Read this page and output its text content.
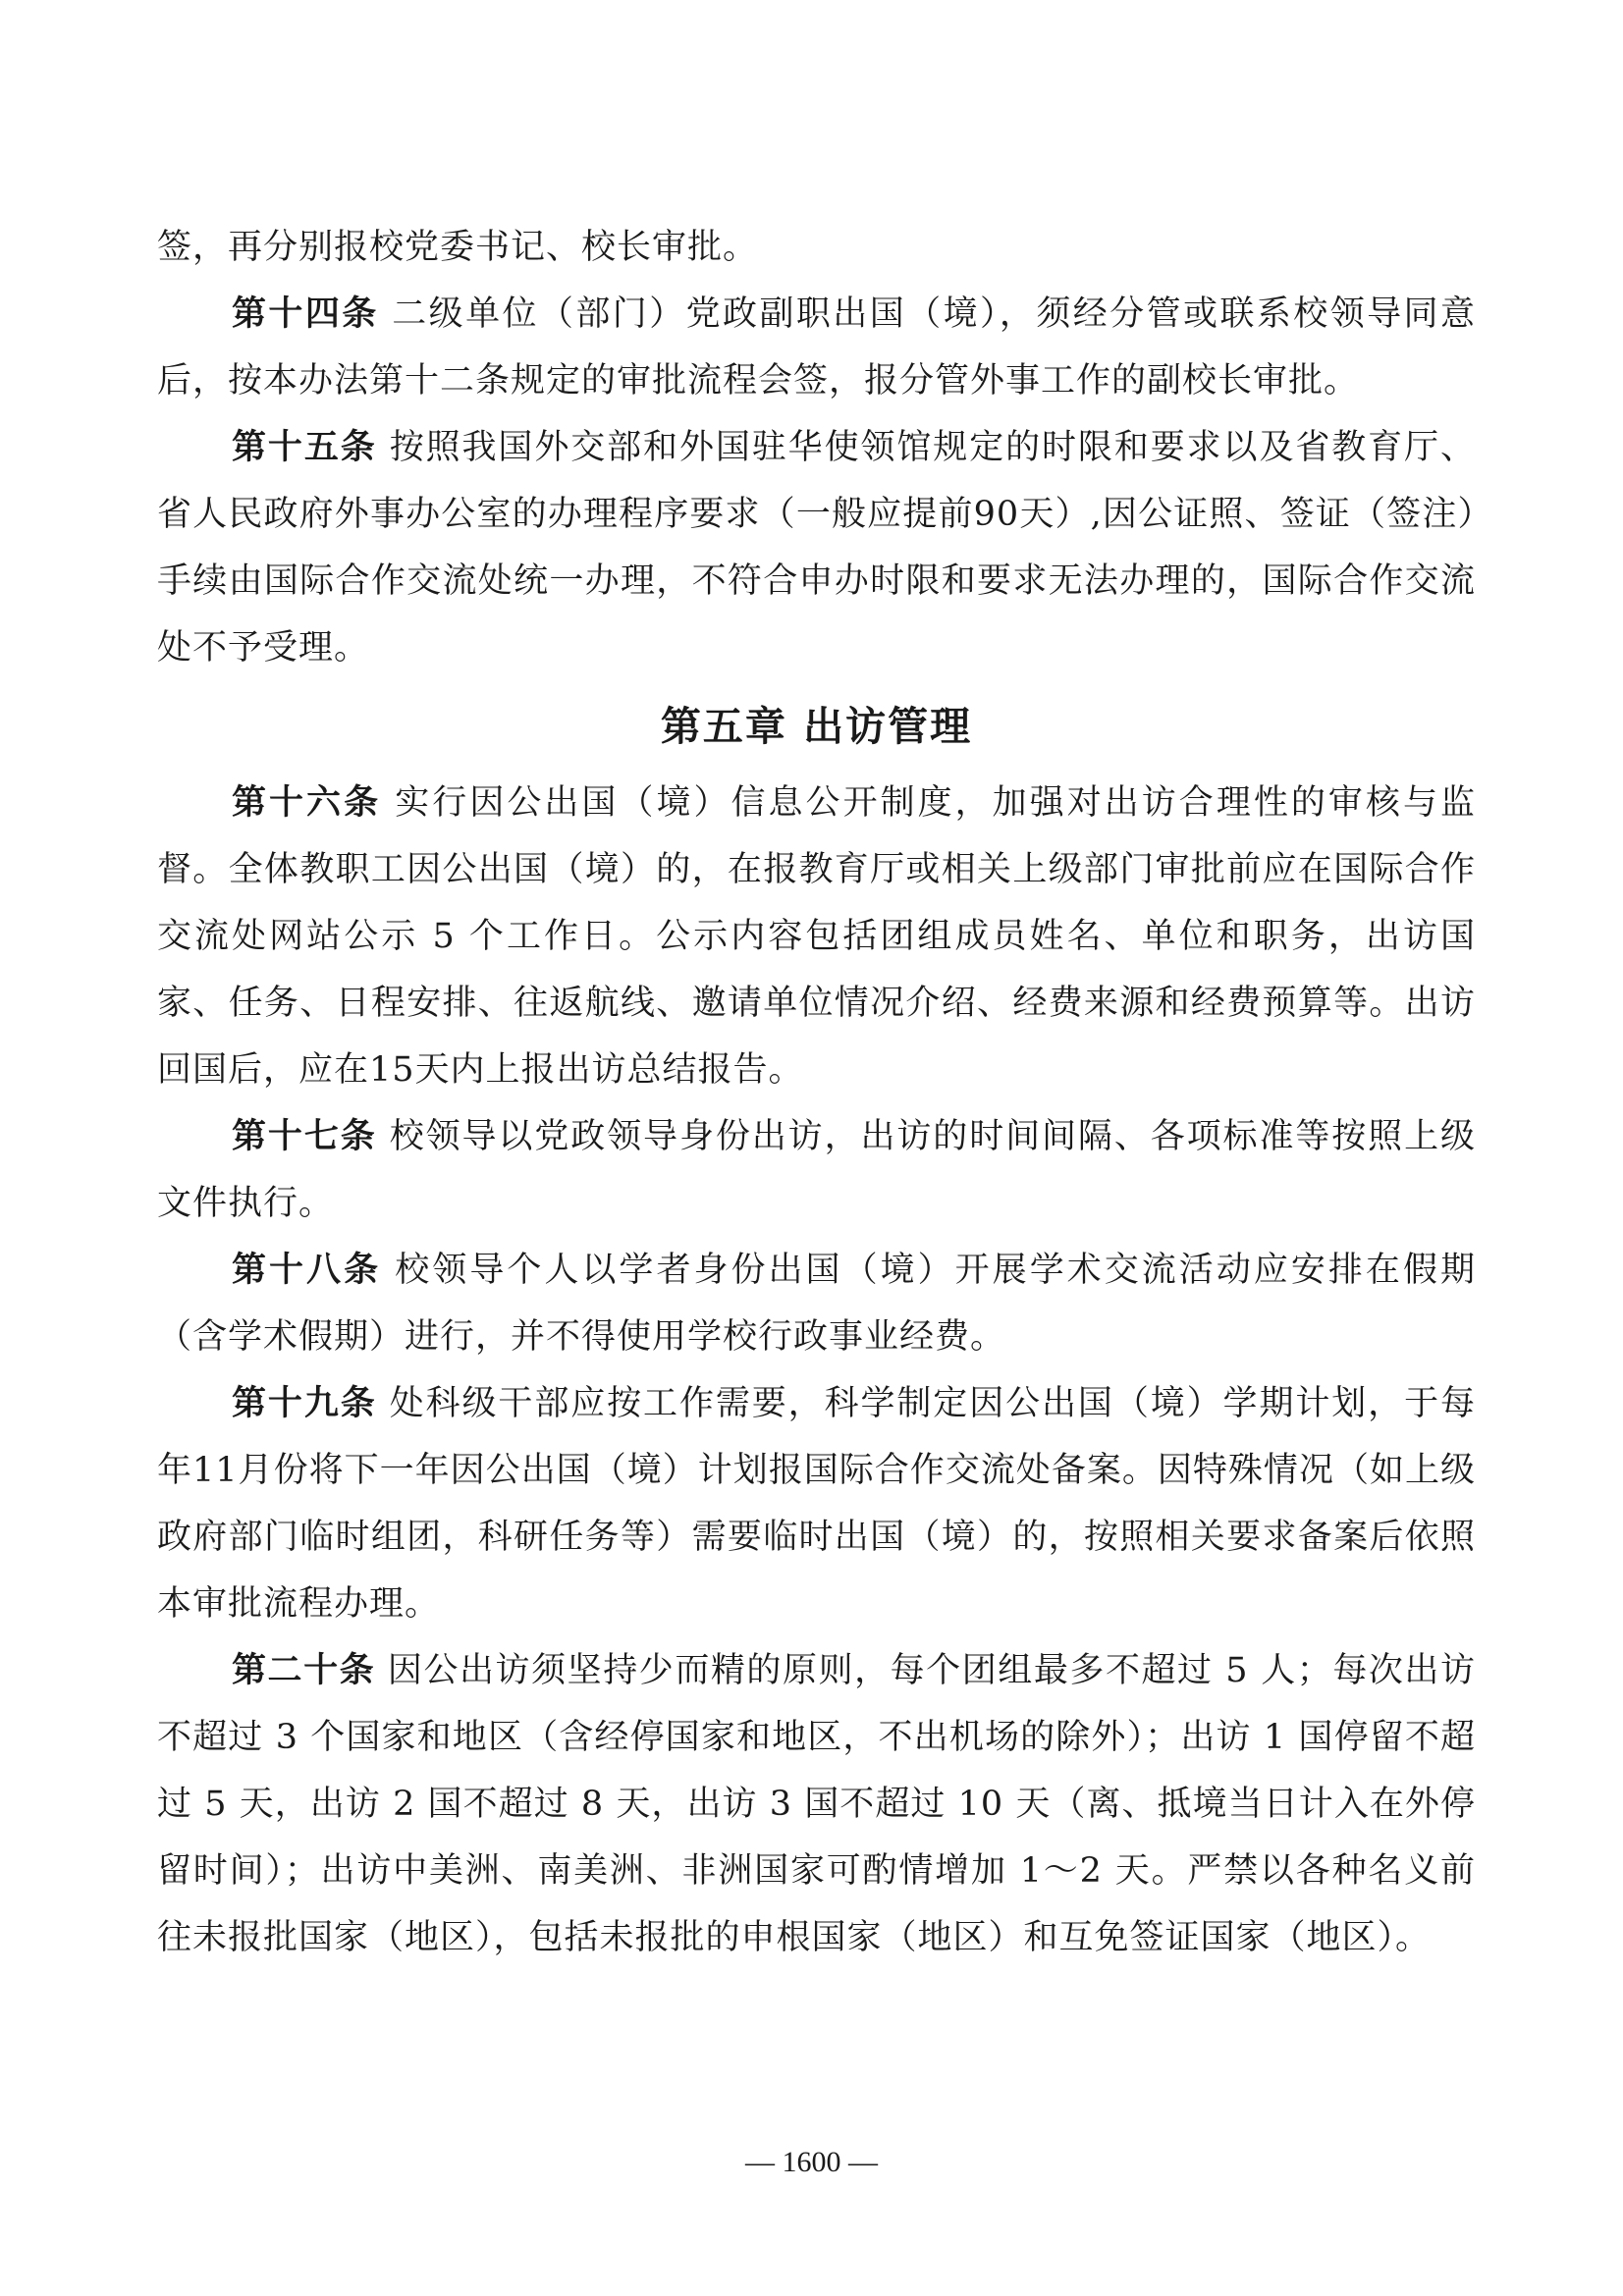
签，再分别报校党委书记、校长审批。

第十四条 二级单位（部门）党政副职出国（境），须经分管或联系校领导同意后，按本办法第十二条规定的审批流程会签，报分管外事工作的副校长审批。

第十五条 按照我国外交部和外国驻华使领馆规定的时限和要求以及省教育厅、省人民政府外事办公室的办理程序要求（一般应提前90天）,因公证照、签证（签注）手续由国际合作交流处统一办理，不符合申办时限和要求无法办理的，国际合作交流处不予受理。

第五章 出访管理

第十六条 实行因公出国（境）信息公开制度，加强对出访合理性的审核与监督。全体教职工因公出国（境）的，在报教育厅或相关上级部门审批前应在国际合作交流处网站公示 5 个工作日。公示内容包括团组成员姓名、单位和职务，出访国家、任务、日程安排、往返航线、邀请单位情况介绍、经费来源和经费预算等。出访回国后，应在15天内上报出访总结报告。

第十七条 校领导以党政领导身份出访，出访的时间间隔、各项标准等按照上级文件执行。

第十八条 校领导个人以学者身份出国（境）开展学术交流活动应安排在假期（含学术假期）进行，并不得使用学校行政事业经费。

第十九条 处科级干部应按工作需要，科学制定因公出国（境）学期计划，于每年11月份将下一年因公出国（境）计划报国际合作交流处备案。因特殊情况（如上级政府部门临时组团，科研任务等）需要临时出国（境）的，按照相关要求备案后依照本审批流程办理。

第二十条 因公出访须坚持少而精的原则，每个团组最多不超过 5 人；每次出访不超过 3 个国家和地区（含经停国家和地区，不出机场的除外）；出访 1 国停留不超过 5 天，出访 2 国不超过 8 天，出访 3 国不超过 10 天（离、抵境当日计入在外停留时间）；出访中美洲、南美洲、非洲国家可酌情增加 1～2 天。严禁以各种名义前往未报批国家（地区），包括未报批的申根国家（地区）和互免签证国家（地区）。

— 1600 —
